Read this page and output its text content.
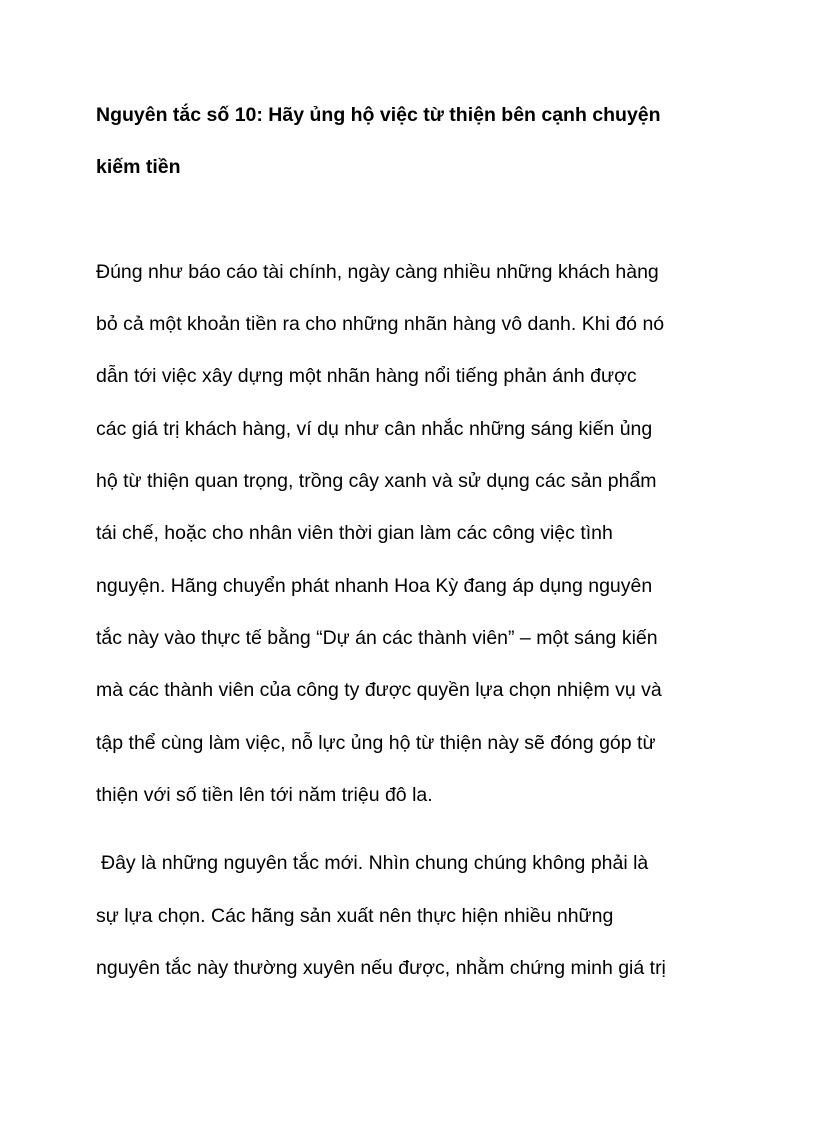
Nguyên tắc số 10: Hãy ủng hộ việc từ thiện bên cạnh chuyện
kiếm tiền
Đúng như báo cáo tài chính, ngày càng nhiều những khách hàng
bỏ cả một khoản tiền ra cho những nhãn hàng vô danh. Khi đó nó
dẫn tới việc xây dựng một nhãn hàng nổi tiếng phản ánh được
các giá trị khách hàng, ví dụ như cân nhắc những sáng kiến ủng
hộ từ thiện quan trọng, trồng cây xanh và sử dụng các sản phẩm
tái chế, hoặc cho nhân viên thời gian làm các công việc tình
nguyện. Hãng chuyển phát nhanh Hoa Kỳ đang áp dụng nguyên
tắc này vào thực tế bằng “Dự án các thành viên” – một sáng kiến
mà các thành viên của công ty được quyền lựa chọn nhiệm vụ và
tập thể cùng làm việc, nỗ lực ủng hộ từ thiện này sẽ đóng góp từ
thiện với số tiền lên tới năm triệu đô la.
Đây là những nguyên tắc mới. Nhìn chung chúng không phải là
sự lựa chọn. Các hãng sản xuất nên thực hiện nhiều những
nguyên tắc này thường xuyên nếu được, nhằm chứng minh giá trị
